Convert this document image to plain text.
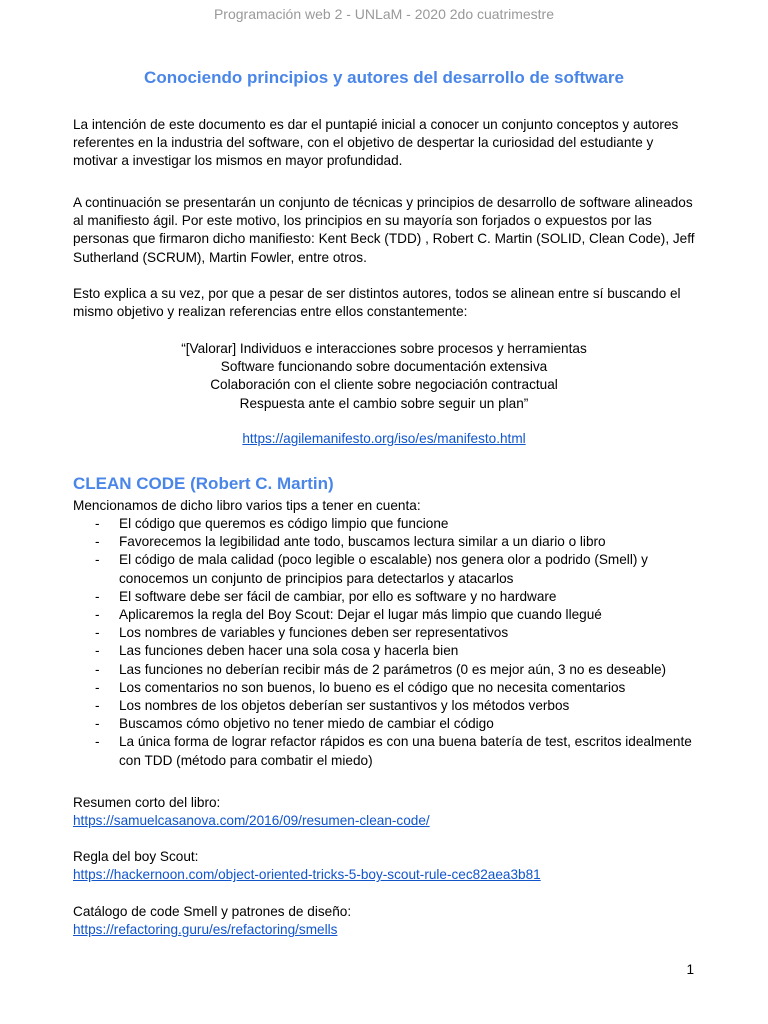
Programación web 2 - UNLaM - 2020 2do cuatrimestre
Conociendo principios y autores del desarrollo de software

La intención de este documento es dar el puntapié inicial a conocer un conjunto conceptos y autores referentes en la industria del software, con el objetivo de despertar la curiosidad del estudiante y motivar a investigar los mismos en mayor profundidad.

A continuación se presentarán un conjunto de técnicas y principios de desarrollo de software alineados al manifiesto ágil. Por este motivo, los principios en su mayoría son forjados o expuestos por las personas que firmaron dicho manifiesto: Kent Beck (TDD) , Robert C. Martin (SOLID, Clean Code), Jeff Sutherland (SCRUM), Martin Fowler, entre otros.

Esto explica a su vez, por que a pesar de ser distintos autores, todos se alinean entre sí buscando el mismo objetivo y realizan referencias entre ellos constantemente:

“[Valorar] Individuos e interacciones sobre procesos y herramientas
Software funcionando sobre documentación extensiva
Colaboración con el cliente sobre negociación contractual
Respuesta ante el cambio sobre seguir un plan”
https://agilemanifesto.org/iso/es/manifesto.html
CLEAN CODE (Robert C. Martin)

Mencionamos de dicho libro varios tips a tener en cuenta:

- El código que queremos es código limpio que funcione
- Favorecemos la legibilidad ante todo, buscamos lectura similar a un diario o libro
- El código de mala calidad (poco legible o escalable) nos genera olor a podrido (Smell) y conocemos un conjunto de principios para detectarlos y atacarlos
- El software debe ser fácil de cambiar, por ello es software y no hardware
- Aplicaremos la regla del Boy Scout: Dejar el lugar más limpio que cuando llegué
- Los nombres de variables y funciones deben ser representativos
- Las funciones deben hacer una sola cosa y hacerla bien
- Las funciones no deberían recibir más de 2 parámetros (0 es mejor aún, 3 no es deseable)
- Los comentarios no son buenos, lo bueno es el código que no necesita comentarios
- Los nombres de los objetos deberían ser sustantivos y los métodos verbos
- Buscamos cómo objetivo no tener miedo de cambiar el código
- La única forma de lograr refactor rápidos es con una buena batería de test, escritos idealmente con TDD (método para combatir el miedo)
Resumen corto del libro:
https://samuelcasanova.com/2016/09/resumen-clean-code/
Regla del boy Scout:
https://hackernoon.com/object-oriented-tricks-5-boy-scout-rule-cec82aea3b81
Catálogo de code Smell y patrones de diseño:
https://refactoring.guru/es/refactoring/smells
1
